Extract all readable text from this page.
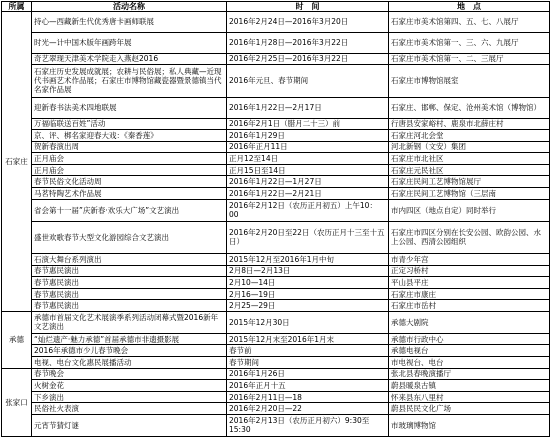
所属	活动名称	时　间	地　点
石家庄	持心—西藏新生代优秀唐卡画师联展	2016年2月24日—2016年3月20日	石家庄市美术馆第四、五、七、八展厅
	时光—计中国木版年画跨年展	2016年1月28日—2016年3月22日	石家庄市美术馆第一、三、六、九展厅
	奇艺翠现天津美术学院走入燕赵2016	2016年2月25日—2016年3月22日	石家庄市美术馆第一、二、三展厅
	石家庄历史发展成就展；农耕与民俗展；私人典藏—近现代书画艺术作品展；石家庄市博物馆藏瓷器暨景德镇当代名家作品展	2016年元旦、春节期间	石家庄市博物馆展室
	迎新春书法美术四地联展	2016年1月22日—2月17日	石家庄、邯郸、保定、沧州美术馆（博物馆）
	万福临联送百姓”活动	2016年2月1日（腊月二十三）前	行唐县安家峪村、鹿泉市北薛庄村
	京、评、梆名家迎春大戏：《秦香莲》	2016年1月29日	石家庄河北会堂
	贺新春演出周	2016年正月11日	河北新钢（文安）集团
	正月庙会	正月12至14日	石家庄市北社区
	正月庙会	正月15日至14日	石家庄元民社区
	春节民俗文化活动周	2016年1月22日—1月27日	石家庄民间工艺博物馆展厅
	马茗特陶艺术作品展	2016年1月22日—2月21日	石家庄民间工艺博物馆（三层南
	省会第十一届”庆新春·欢乐大广场”文艺演出	2016年2月12日（农历正月初五）上午10：00	市内四区（地点自定）同时举行
	盛世欢歌春节大型文化游园综合文艺演出	2016年2月20日至22日（农历正月十三至十五日）	石家庄市四区分别在长安公园、欧韵公园、水上公园、西清公园组织
	石演大舞台系列演出	2015年12月至2016年1月中旬	市青少年宫
	春节惠民演出	2月8日—2月13日	正定习桥村
	春节惠民演出	2月10—14日	平山县平庄
	春节惠民演出	2月16—19日	石家庄市康庄
	春节惠民演出	2月25—29日	石家庄市岳村
承德	承德市首届文化艺术展演季系列活动闭幕式暨2016新年文艺演出	2015年12月30日	承德大剧院
	“灿烂遗产·魅力承德”首届承德市非遗摄影展	2015年12月末至2016年1月末	承德市行政中心
	2016年承德市少儿春节晚会	春节前	承德电视台
	电视、电台文化惠民展播活动	春节期间	市电视台、电台
张家口	春节晚会	2016年1月26日	张北县春晚演播厅
	火树金花	2016年正月十五	蔚县暖泉古镇
	下乡演出	2016年2月11日—18	怀来县东八里村
	民俗社火表演	2016年2月20日—22	蔚县民民文化广场
	元宵节猜灯谜	2016年2月13日（农历正月初六）9:30至15:30	市玻璃博物馆
